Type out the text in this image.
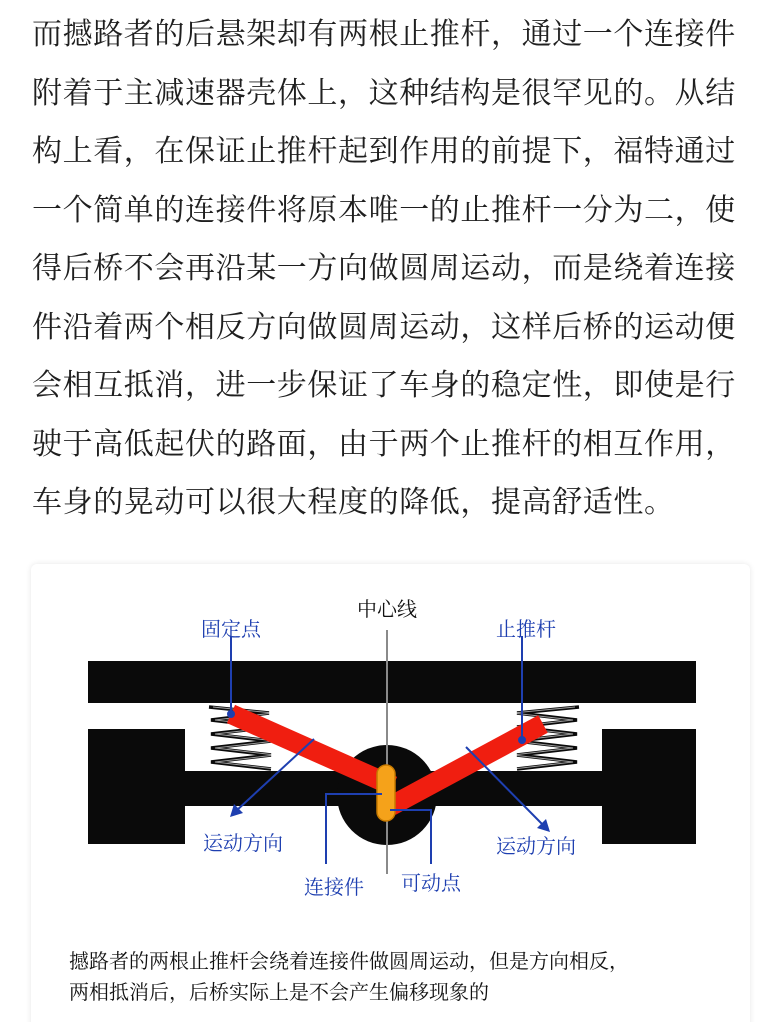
而撼路者的后悬架却有两根止推杆，通过一个连接件
附着于主减速器壳体上，这种结构是很罕见的。从结
构上看，在保证止推杆起到作用的前提下，福特通过
一个简单的连接件将原本唯一的止推杆一分为二，使
得后桥不会再沿某一方向做圆周运动，而是绕着连接
件沿着两个相反方向做圆周运动，这样后桥的运动便
会相互抵消，进一步保证了车身的稳定性，即使是行
驶于高低起伏的路面，由于两个止推杆的相互作用，
车身的晃动可以很大程度的降低，提高舒适性。

中心线
固定点	止推杆
运动方向	运动方向
连接件 可动点

撼路者的两根止推杆会绕着连接件做圆周运动，但是方向相反，
两相抵消后，后桥实际上是不会产生偏移现象的
